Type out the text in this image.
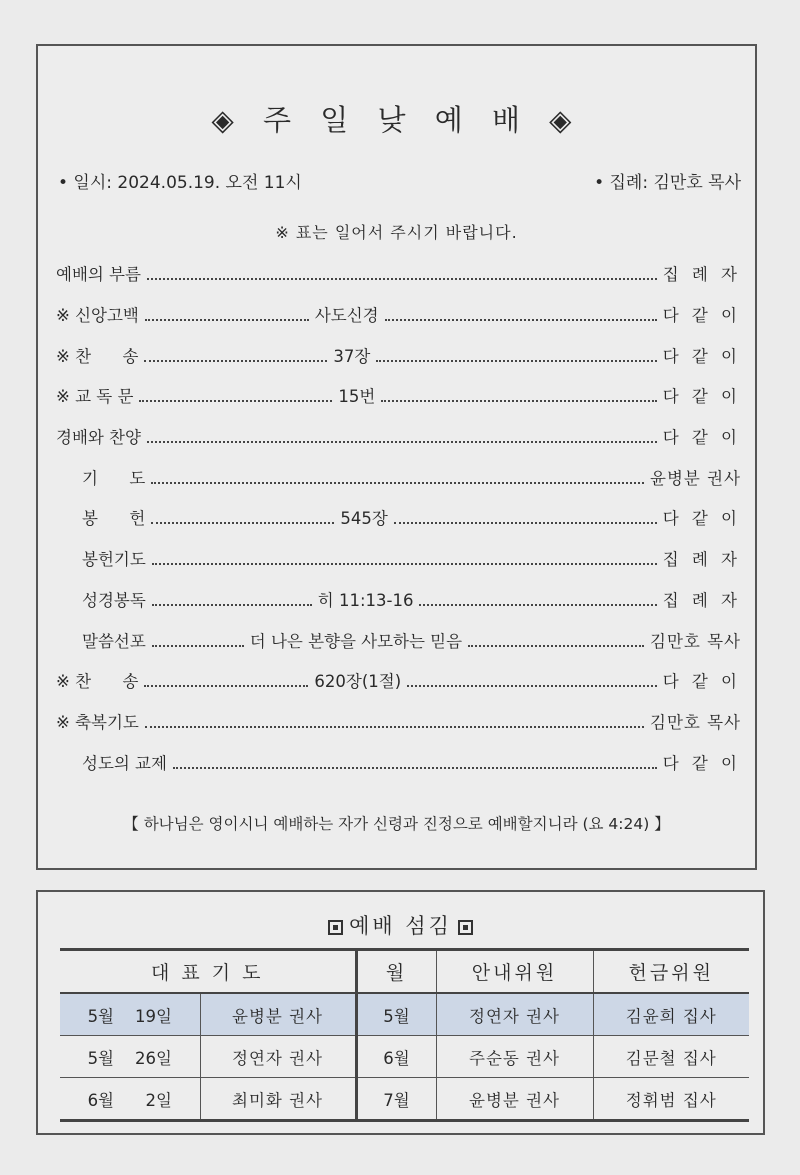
◈ 주 일 낮 예 배 ◈
• 일시: 2024.05.19. 오전 11시	• 집례: 김만호 목사
※ 표는 일어서 주시기 바랍니다.
예배의 부름	집 례 자
※ 신앙고백	사도신경	다 같 이
※ 찬      송	37장	다 같 이
※ 교 독 문	15번	다 같 이
경배와 찬양	다 같 이
기      도	윤병분 권사
봉      헌	545장	다 같 이
봉헌기도	집 례 자
성경봉독	히 11:13-16	집 례 자
말씀선포	더 나은 본향을 사모하는 믿음	김만호 목사
※ 찬      송	620장(1절)	다 같 이
※ 축복기도	김만호 목사
성도의 교제	다 같 이
【 하나님은 영이시니 예배하는 자가 신령과 진정으로 예배할지니라 (요 4:24) 】
예배 섬김
대 표 기 도		월	안내위원	헌금위원
5월 19일	윤병분 권사	5월	정연자 권사	김윤희 집사
5월 26일	정연자 권사	6월	주순동 권사	김문철 집사
6월 2일	최미화 권사	7월	윤병분 권사	정휘범 집사
